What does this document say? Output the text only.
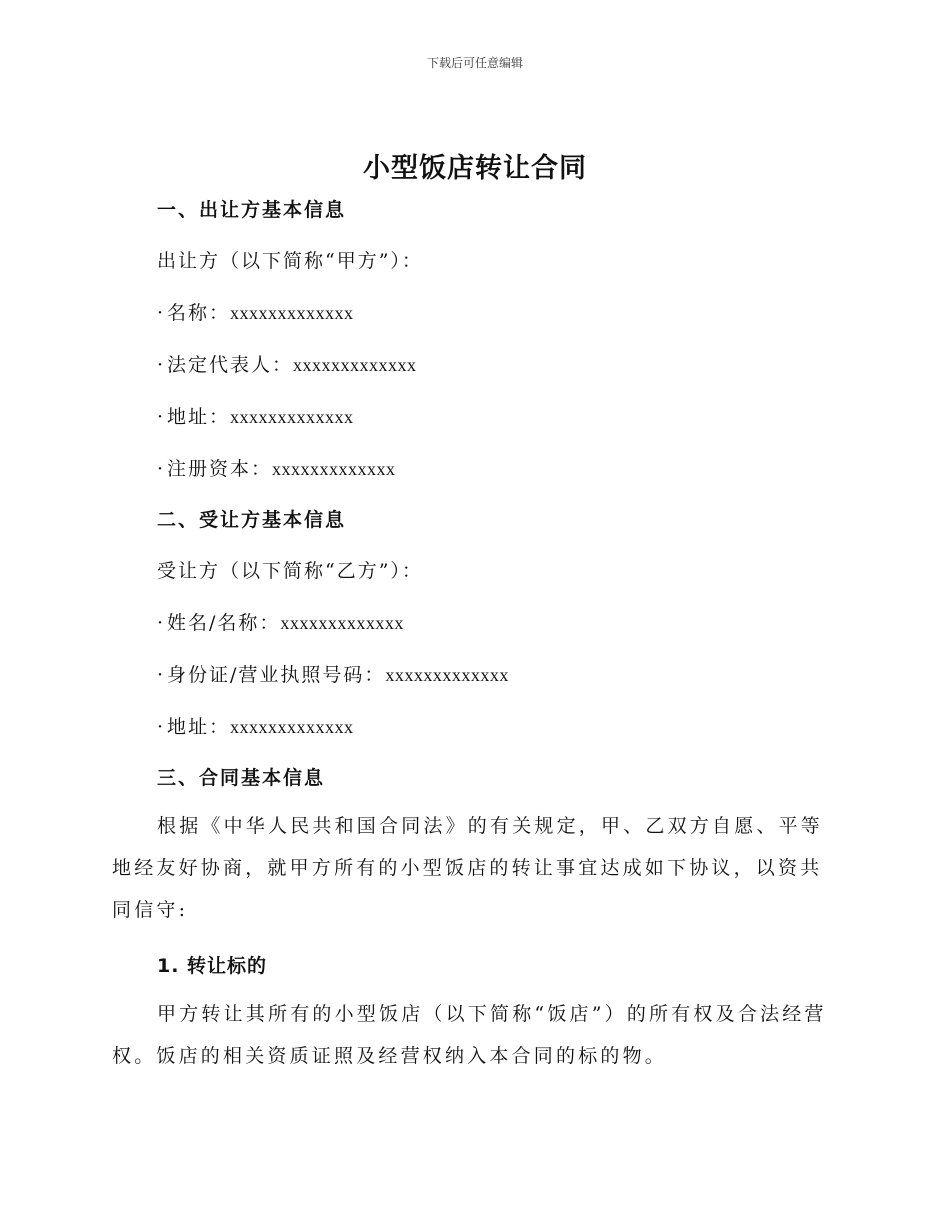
下载后可任意编辑
小型饭店转让合同
一、出让方基本信息
出让方（以下简称“甲方”）：
· 名称：xxxxxxxxxxxxx
· 法定代表人：xxxxxxxxxxxxx
· 地址：xxxxxxxxxxxxx
· 注册资本：xxxxxxxxxxxxx
二、受让方基本信息
受让方（以下简称“乙方”）：
· 姓名/名称：xxxxxxxxxxxxx
· 身份证/营业执照号码：xxxxxxxxxxxxx
· 地址：xxxxxxxxxxxxx
三、合同基本信息

根据《中华人民共和国合同法》的有关规定，甲、乙双方自愿、平等地经友好协商，就甲方所有的小型饭店的转让事宜达成如下协议，以资共同信守:

1. 转让标的

甲方转让其所有的小型饭店（以下简称“饭店”）的所有权及合法经营权。饭店的相关资质证照及经营权纳入本合同的标的物。
